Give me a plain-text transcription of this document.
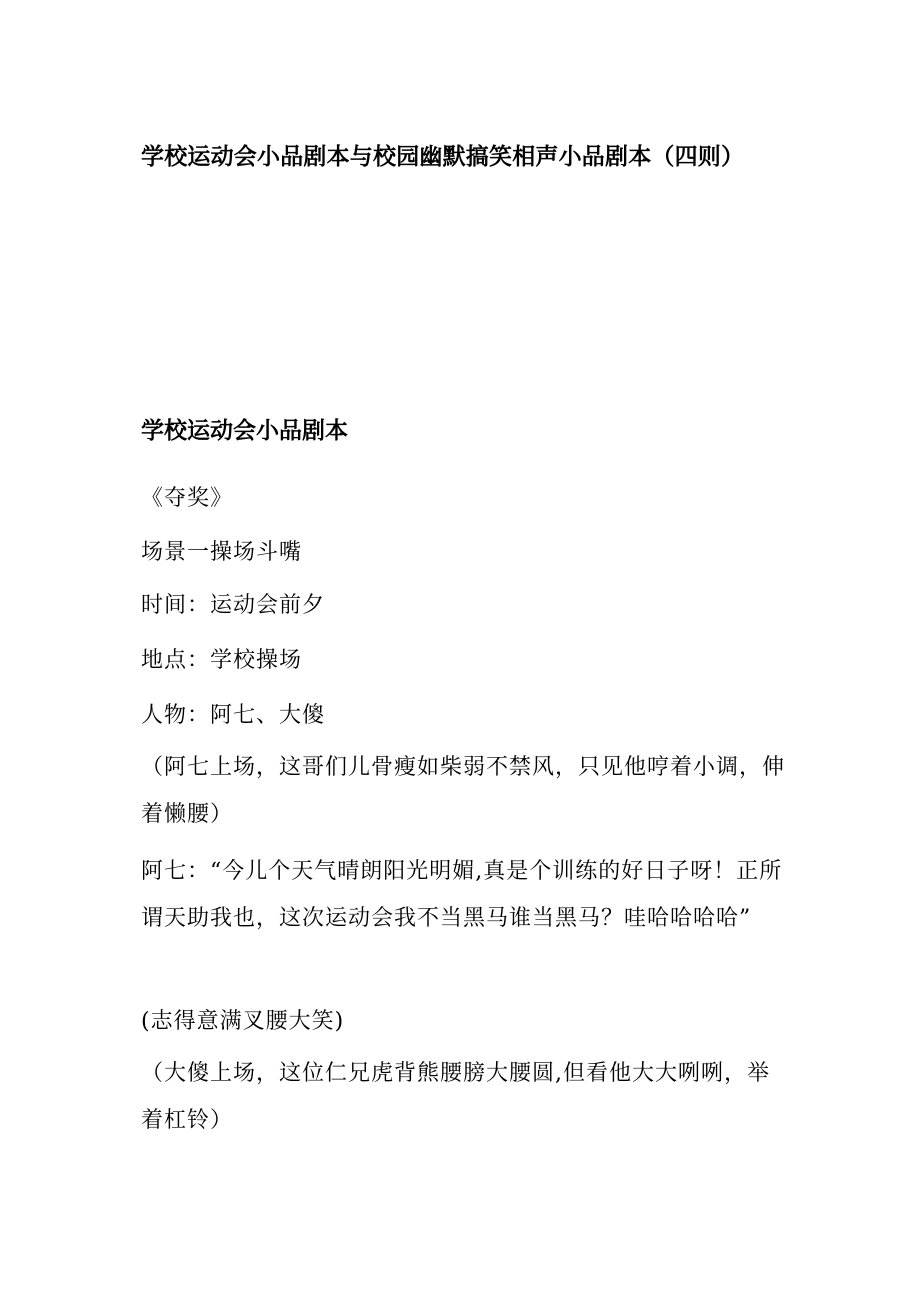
学校运动会小品剧本与校园幽默搞笑相声小品剧本（四则）
学校运动会小品剧本
《夺奖》
场景一操场斗嘴
时间：运动会前夕
地点：学校操场
人物：阿七、大傻
（阿七上场，这哥们儿骨瘦如柴弱不禁风，只见他哼着小调，伸着懒腰）
阿七：“今儿个天气晴朗阳光明媚,真是个训练的好日子呀！正所谓天助我也，这次运动会我不当黑马谁当黑马？哇哈哈哈哈”
(志得意满叉腰大笑)
（大傻上场，这位仁兄虎背熊腰膀大腰圆,但看他大大咧咧，举着杠铃）
